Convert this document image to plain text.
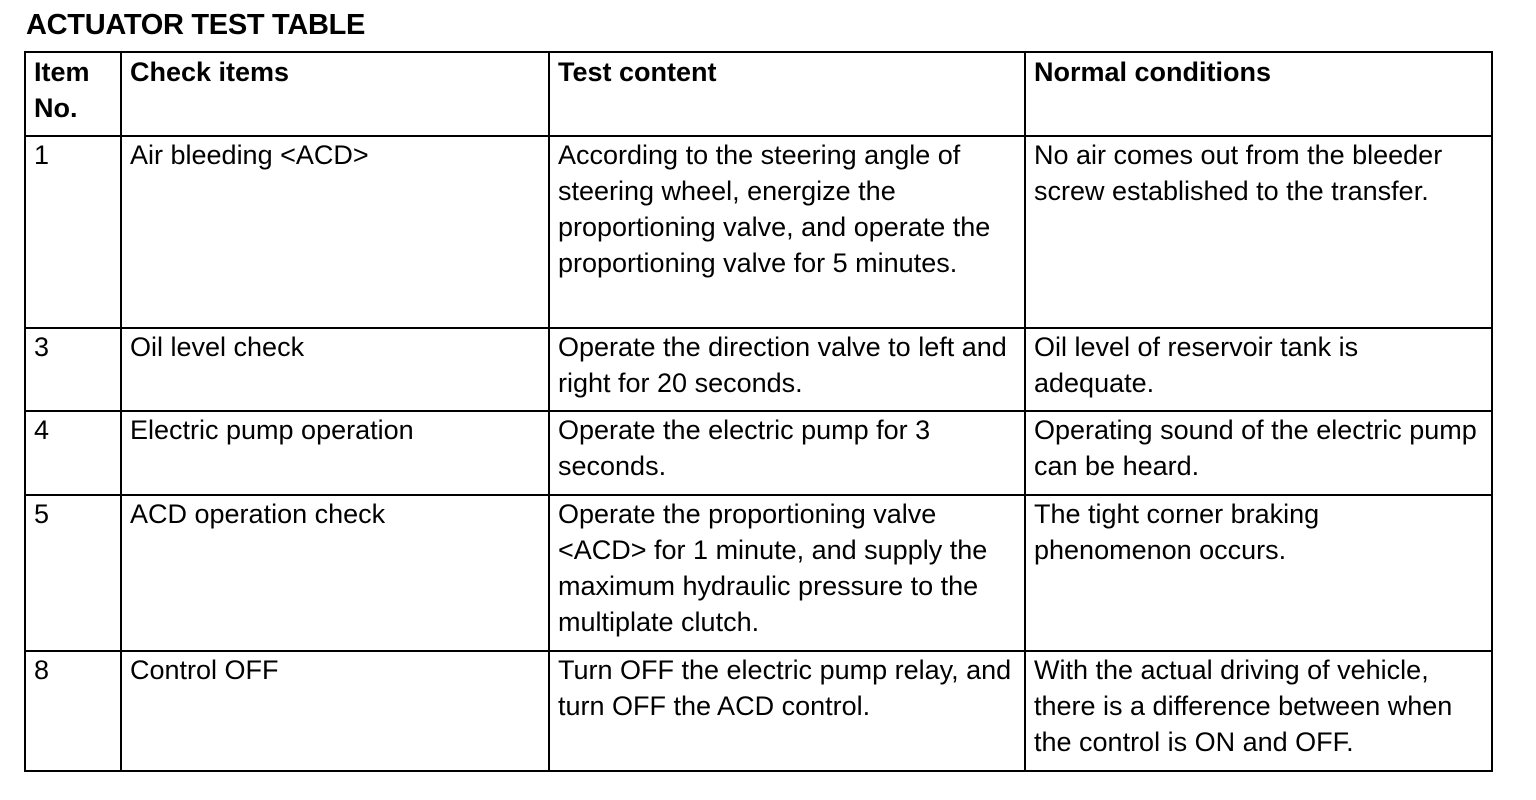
ACTUATOR TEST TABLE
Item No.	Check items	Test content	Normal conditions
1	Air bleeding <ACD>	According to the steering angle of steering wheel, energize the proportioning valve, and operate the proportioning valve for 5 minutes.	No air comes out from the bleeder screw established to the transfer.
3	Oil level check	Operate the direction valve to left and right for 20 seconds.	Oil level of reservoir tank is adequate.
4	Electric pump operation	Operate the electric pump for 3 seconds.	Operating sound of the electric pump can be heard.
5	ACD operation check	Operate the proportioning valve <ACD> for 1 minute, and supply the maximum hydraulic pressure to the multiplate clutch.	The tight corner braking phenomenon occurs.
8	Control OFF	Turn OFF the electric pump relay, and turn OFF the ACD control.	With the actual driving of vehicle, there is a difference between when the control is ON and OFF.
